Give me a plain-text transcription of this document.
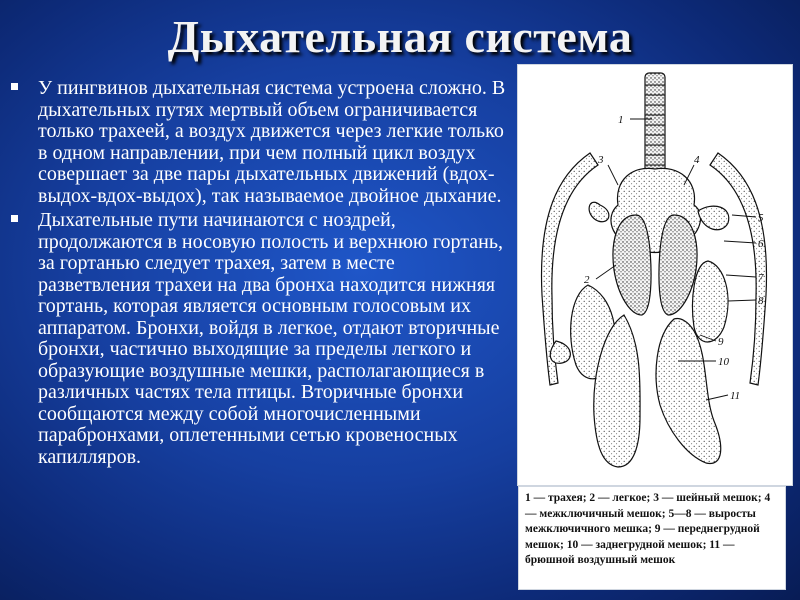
Дыхательная система
У пингвинов дыхательная система устроена сложно. В дыхательных путях мертвый объем ограничивается только трахеей, а воздух движется через легкие только в одном направлении, при чем полный цикл воздух совершает за две пары дыхательных движений (вдох-выдох-вдох-выдох), так называемое двойное дыхание.
Дыхательные пути начинаются с ноздрей, продолжаются в носовую полость и верхнюю гортань, за гортанью следует трахея, затем в месте разветвления трахеи на два бронха находится нижняя гортань, которая является основным голосовым их аппаратом. Бронхи, войдя в легкое, отдают вторичные бронхи, частично выходящие за пределы легкого и образующие воздушные мешки, располагающиеся в различных частях тела птицы. Вторичные бронхи сообщаются между собой многочисленными парабронхами, оплетенными сетью кровеносных капилляров.
1
2
3	4
5
6
7
8
9
10
11
1 — трахея; 2 — легкое; 3 — шейный мешок; 4 — межключичный мешок; 5—8 — выросты межключичного мешка; 9 — переднегрудной мешок; 10 — заднегрудной мешок; 11 — брюшной воздушный мешок
